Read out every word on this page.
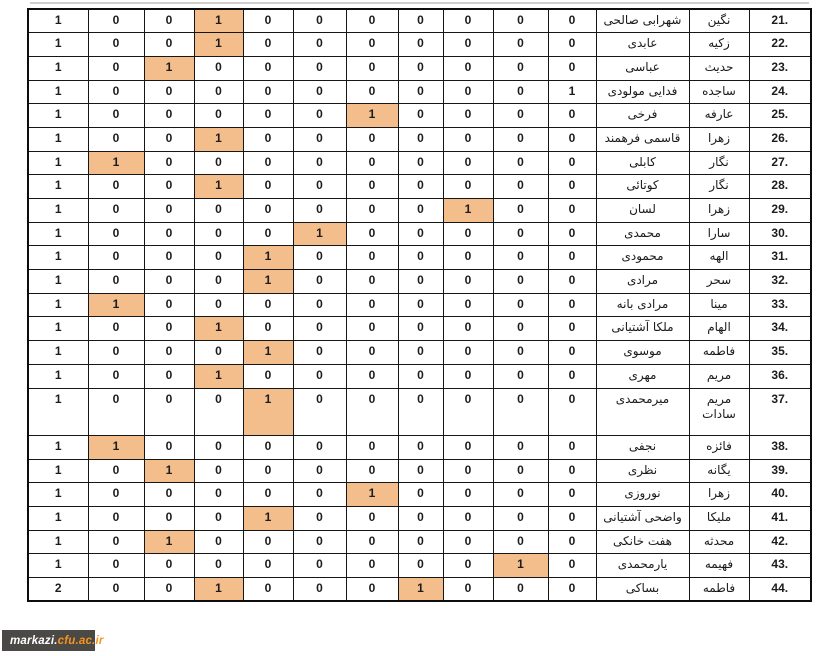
1	0	0	1	0	0	0	0	0	0	0	شهرابی صالحی	نگین	21.
1	0	0	1	0	0	0	0	0	0	0	عابدی	زکیه	22.
1	0	1	0	0	0	0	0	0	0	0	عباسی	حدیث	23.
1	0	0	0	0	0	0	0	0	0	1	فدایی مولودی	ساجده	24.
1	0	0	0	0	0	1	0	0	0	0	فرخی	عارفه	25.
1	0	0	1	0	0	0	0	0	0	0	قاسمی فرهمند	زهرا	26.
1	1	0	0	0	0	0	0	0	0	0	کابلی	نگار	27.
1	0	0	1	0	0	0	0	0	0	0	کوتائی	نگار	28.
1	0	0	0	0	0	0	0	1	0	0	لسان	زهرا	29.
1	0	0	0	0	1	0	0	0	0	0	محمدی	سارا	30.
1	0	0	0	1	0	0	0	0	0	0	محمودی	الهه	31.
1	0	0	0	1	0	0	0	0	0	0	مرادی	سحر	32.
1	1	0	0	0	0	0	0	0	0	0	مرادی بانه	مینا	33.
1	0	0	1	0	0	0	0	0	0	0	ملکا آشتیانی	الهام	34.
1	0	0	0	1	0	0	0	0	0	0	موسوی	فاطمه	35.
1	0	0	1	0	0	0	0	0	0	0	مهری	مریم	36.
1	0	0	0	1	0	0	0	0	0	0	میرمحمدی	مریم سادات	37.
1	1	0	0	0	0	0	0	0	0	0	نجفی	فائزه	38.
1	0	1	0	0	0	0	0	0	0	0	نظری	یگانه	39.
1	0	0	0	0	0	1	0	0	0	0	نوروزی	زهرا	40.
1	0	0	0	1	0	0	0	0	0	0	واضحی آشتیانی	ملیکا	41.
1	0	1	0	0	0	0	0	0	0	0	هفت خانکی	محدثه	42.
1	0	0	0	0	0	0	0	0	1	0	یارمحمدی	فهیمه	43.
2	0	0	1	0	0	0	1	0	0	0	بساکی	فاطمه	44.
markazi. cfu.ac.ir
